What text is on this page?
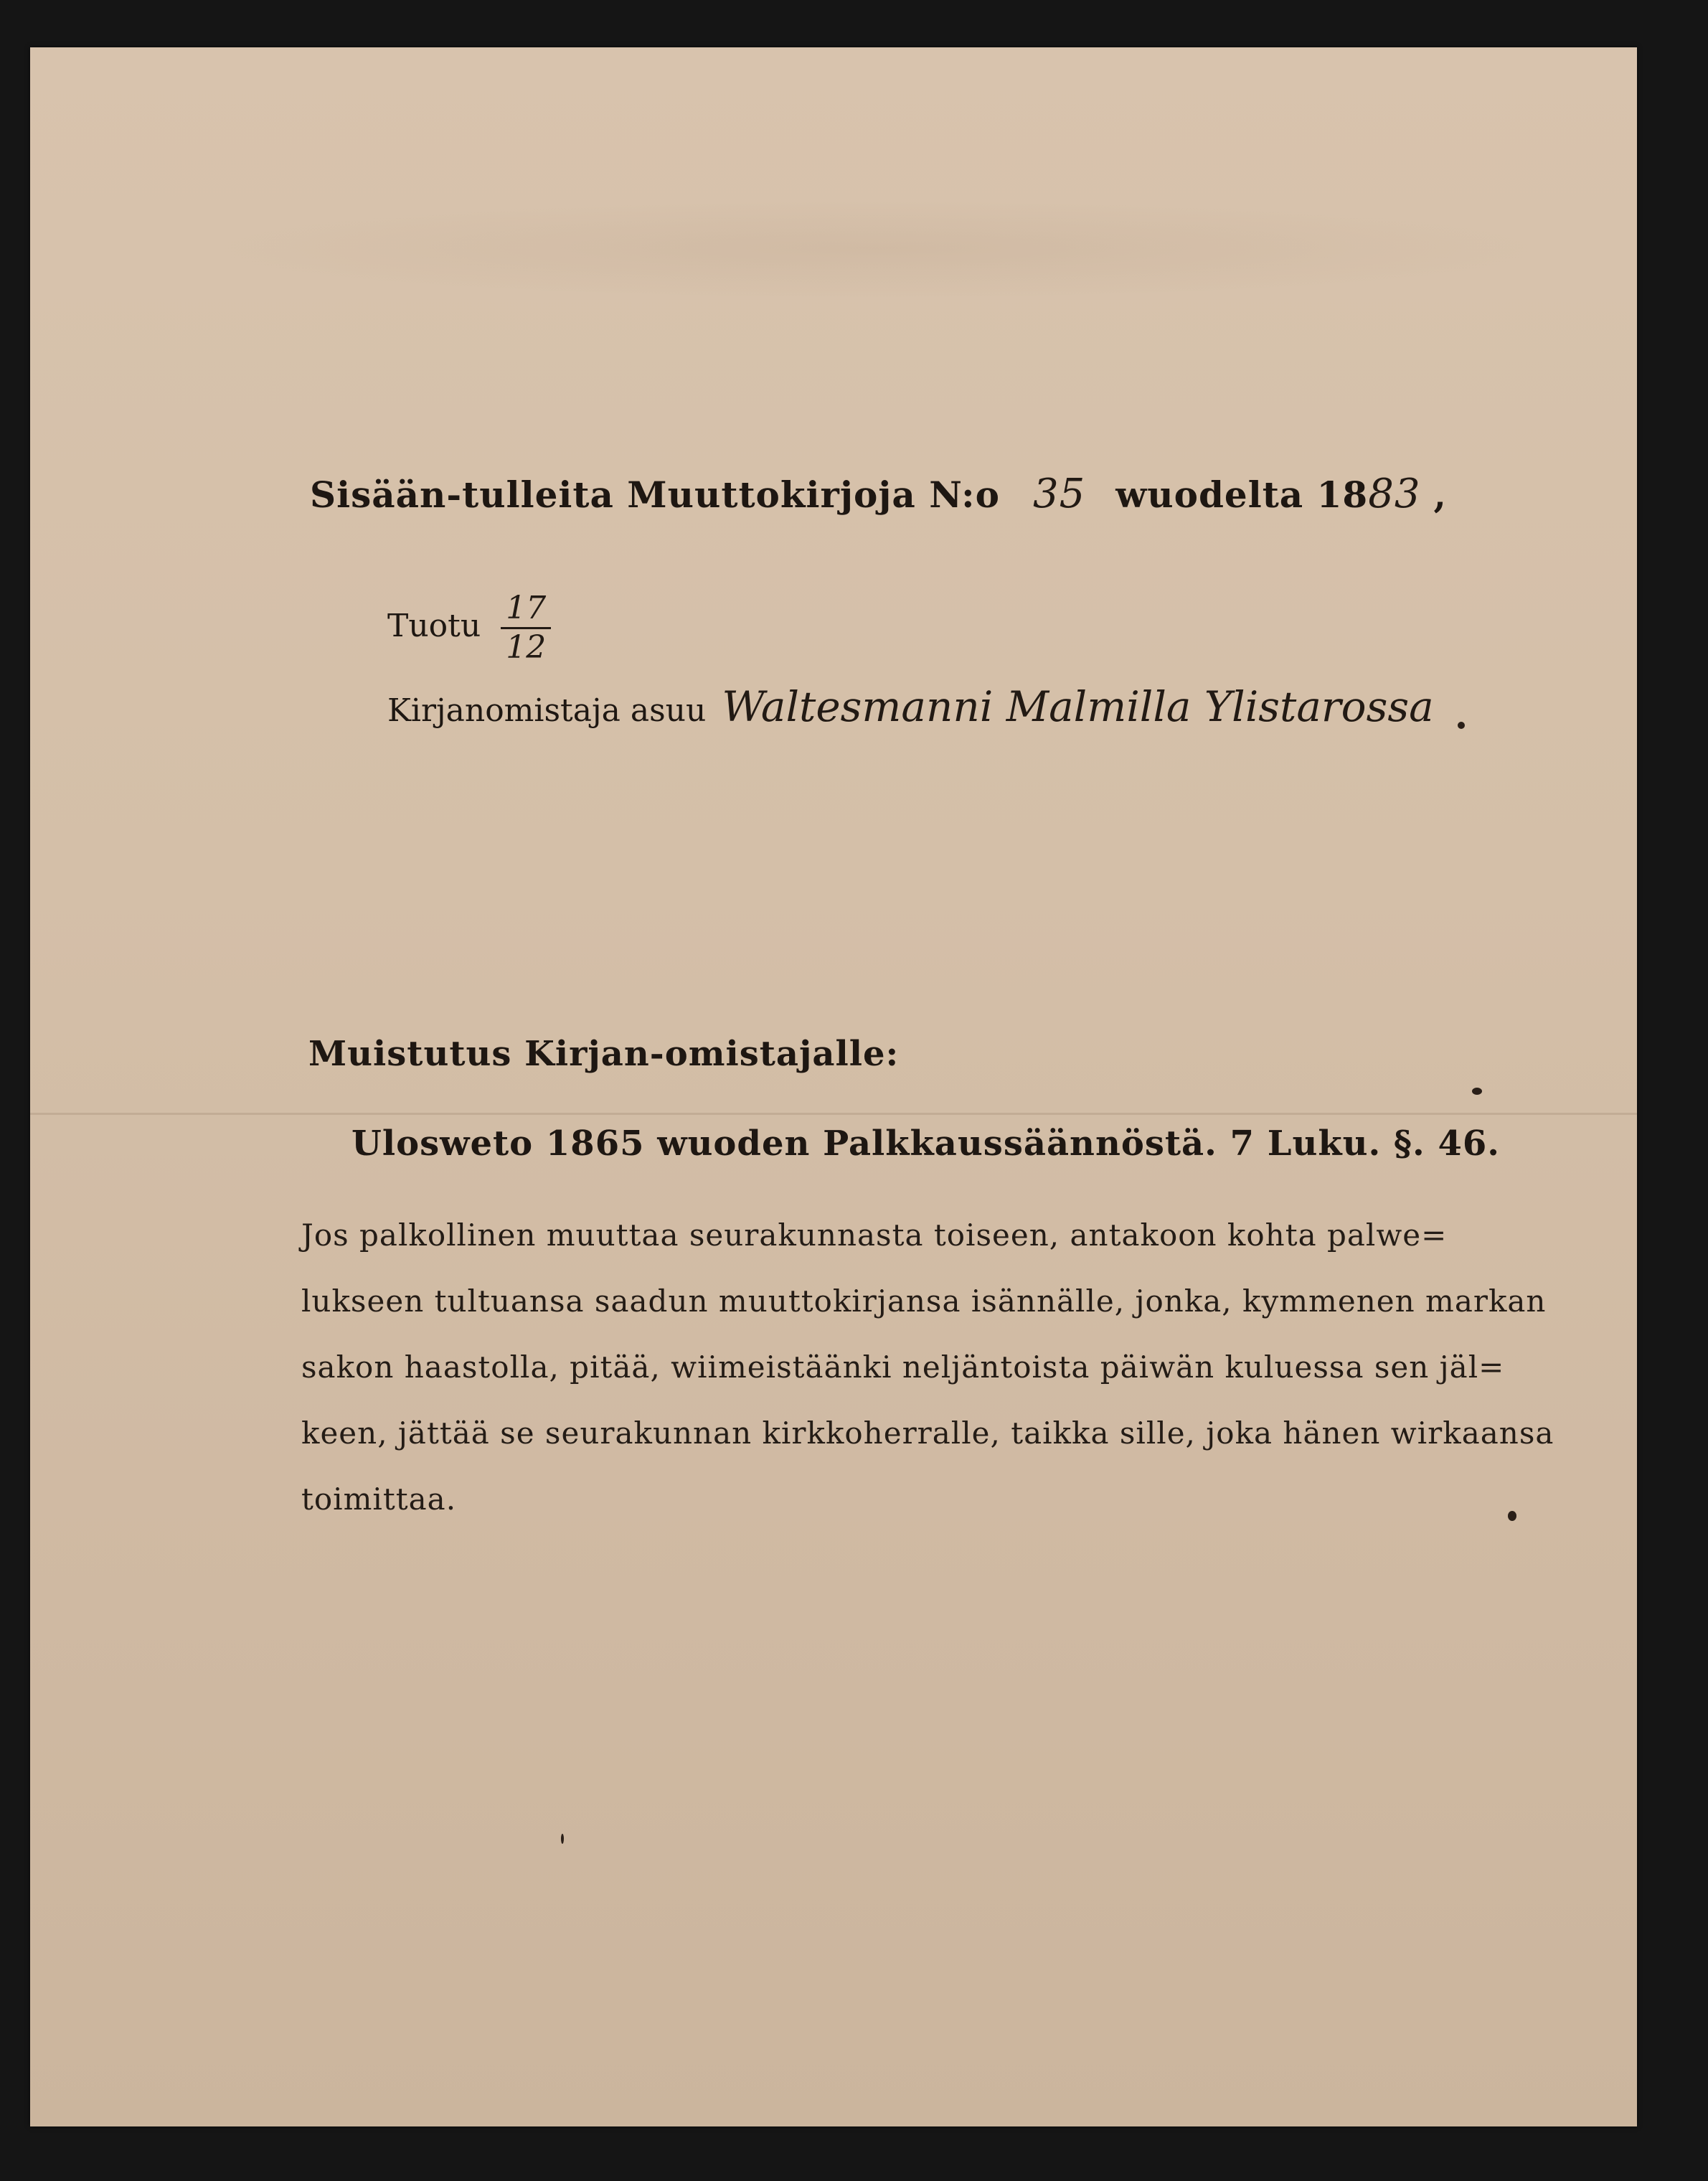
Sisään-tulleita Muuttokirjoja N:o 35 wuodelta 1883 ,
Tuotu $\frac{17}{12}$
Kirjanomistaja asuu Waltesmanni Malmilla Ylistarossa
Muistutus Kirjan-omistajalle:
Ulosweto 1865 wuoden Palkkaussäännöstä. 7 Luku. §. 46.
Jos palkollinen muuttaa seurakunnasta toiseen, antakoon kohta palwe=
lukseen tultuansa saadun muuttokirjansa isännälle, jonka, kymmenen markan
sakon haastolla, pitää, wiimeistäänki neljäntoista päiwän kuluessa sen jäl=
keen, jättää se seurakunnan kirkkoherralle, taikka sille, joka hänen wirkaansa
toimittaa.
